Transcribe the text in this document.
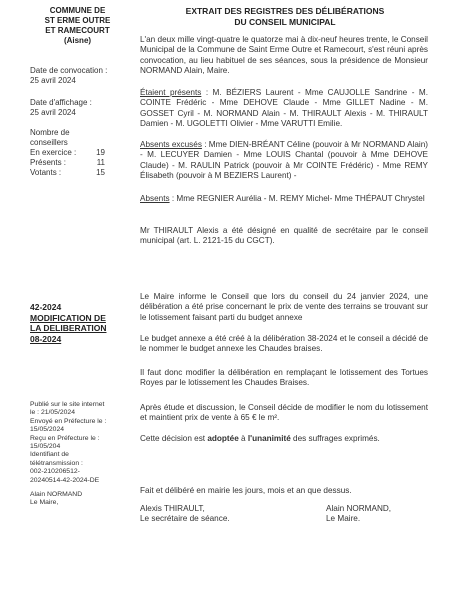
COMMUNE DE
ST ERME OUTRE
ET RAMECOURT
(Aisne)
EXTRAIT DES REGISTRES DES DÉLIBÉRATIONS
DU CONSEIL MUNICIPAL
Date de convocation :
25 avril 2024
Date d'affichage :
25 avril 2024
Nombre de
conseillers
En exercice :	19
Présents :	11
Votants :	15
L'an deux mille vingt-quatre le quatorze mai à dix-neuf heures trente, le Conseil Municipal de la Commune de Saint Erme Outre et Ramecourt, s'est réuni après convocation, au lieu habituel de ses séances, sous la présidence de Monsieur NORMAND Alain, Maire.
Étaient présents : M. BÉZIERS Laurent - Mme CAUJOLLE Sandrine - M. COINTE Frédéric - Mme DEHOVE Claude - Mme GILLET Nadine - M. GOSSET Cyril - M. NORMAND Alain - M. THIRAULT Alexis - M. THIRAULT Damien - M. UGOLETTI Olivier - Mme VARUTTI Emilie.
Absents excusés : Mme DIEN-BRÉANT Céline (pouvoir à Mr NORMAND Alain) - M. LECUYER Damien - Mme LOUIS Chantal (pouvoir à Mme DEHOVE Claude) - M. RAULIN Patrick (pouvoir à Mr COINTE Frédéric) - Mme REMY Élisabeth (pouvoir à M BEZIERS Laurent) -
Absents : Mme REGNIER Aurélia - M. REMY Michel- Mme THÉPAUT Chrystel
Mr THIRAULT Alexis a été désigné en qualité de secrétaire par le conseil municipal (art. L. 2121-15 du CGCT).
42-2024
MODIFICATION DE
LA DELIBERATION
08-2024
Le Maire informe le Conseil que lors du conseil du 24 janvier 2024, une délibération a été prise concernant le prix de vente des terrains se trouvant sur le lotissement faisant parti du budget annexe
Le budget annexe a été créé à la délibération 38-2024 et le conseil a décidé de le nommer le budget annexe les Chaudes braises.
Il faut donc modifier la délibération en remplaçant le lotissement des Tortues Royes par le lotissement les Chaudes Braises.
Après étude et discussion, le Conseil décide de modifier le nom du lotissement et maintient prix de vente à 65 € le m².
Cette décision est adoptée à l'unanimité des suffrages exprimés.
Fait et délibéré en mairie les jours, mois et an que dessus.
Alexis THIRAULT,
Le secrétaire de séance.
Alain NORMAND,
Le Maire.
Publié sur le site internet
le : 21/05/2024
Envoyé en Préfecture le :
15/05/2024
Reçu en Préfecture le :
15/05/204
Identifiant de
télétransmission :
002-210206512-
20240514-42-2024-DE
Alain NORMAND
Le Maire,
